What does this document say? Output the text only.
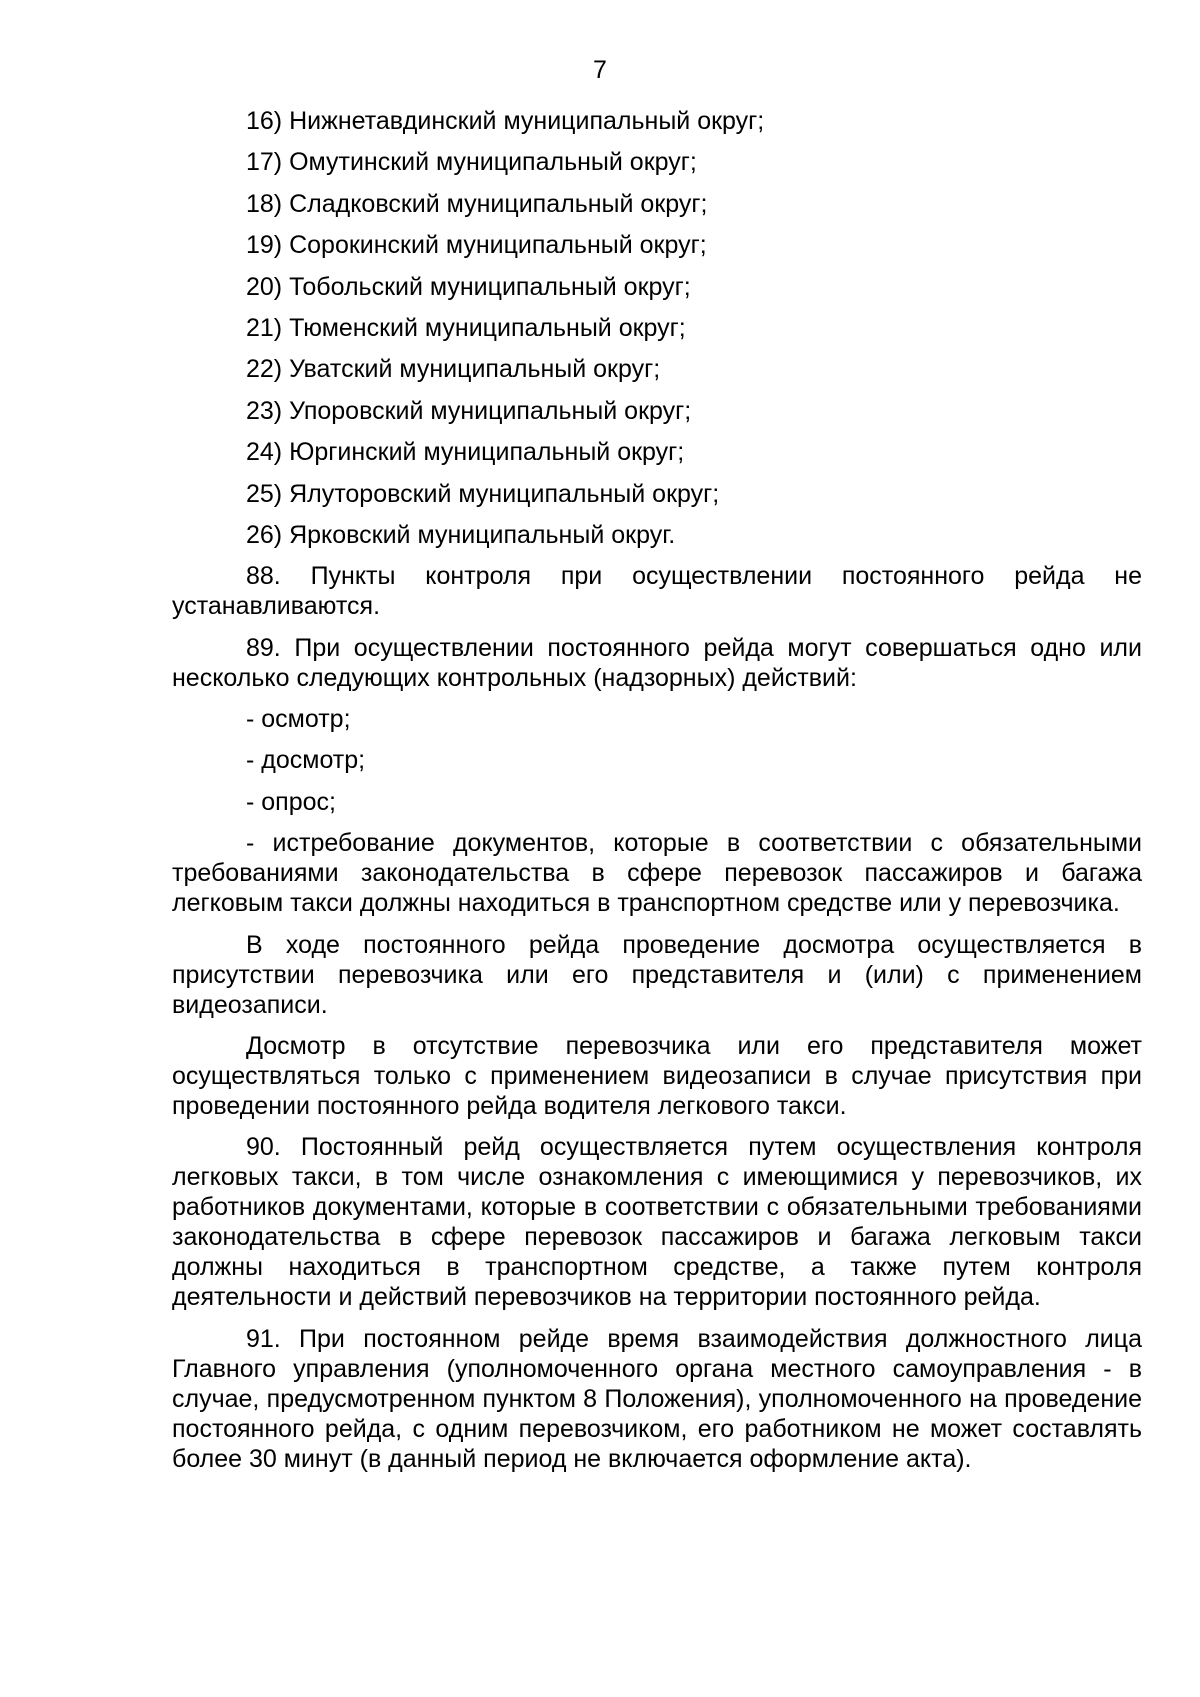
7
16) Нижнетавдинский муниципальный округ;
17) Омутинский муниципальный округ;
18) Сладковский муниципальный округ;
19) Сорокинский муниципальный округ;
20) Тобольский муниципальный округ;
21) Тюменский муниципальный округ;
22) Уватский муниципальный округ;
23) Упоровский муниципальный округ;
24) Юргинский муниципальный округ;
25) Ялуторовский муниципальный округ;
26) Ярковский муниципальный округ.

88. Пункты контроля при осуществлении постоянного рейда не устанавливаются.

89. При осуществлении постоянного рейда могут совершаться одно или несколько следующих контрольных (надзорных) действий:

- осмотр;
- досмотр;
- опрос;

- истребование документов, которые в соответствии с обязательными требованиями законодательства в сфере перевозок пассажиров и багажа легковым такси должны находиться в транспортном средстве или у перевозчика.

В ходе постоянного рейда проведение досмотра осуществляется в присутствии перевозчика или его представителя и (или) с применением видеозаписи.

Досмотр в отсутствие перевозчика или его представителя может осуществляться только с применением видеозаписи в случае присутствия при проведении постоянного рейда водителя легкового такси.

90. Постоянный рейд осуществляется путем осуществления контроля легковых такси, в том числе ознакомления с имеющимися у перевозчиков, их работников документами, которые в соответствии с обязательными требованиями законодательства в сфере перевозок пассажиров и багажа легковым такси должны находиться в транспортном средстве, а также путем контроля деятельности и действий перевозчиков на территории постоянного рейда.

91. При постоянном рейде время взаимодействия должностного лица Главного управления (уполномоченного органа местного самоуправления - в случае, предусмотренном пунктом 8 Положения), уполномоченного на проведение постоянного рейда, с одним перевозчиком, его работником не может составлять более 30 минут (в данный период не включается оформление акта).
